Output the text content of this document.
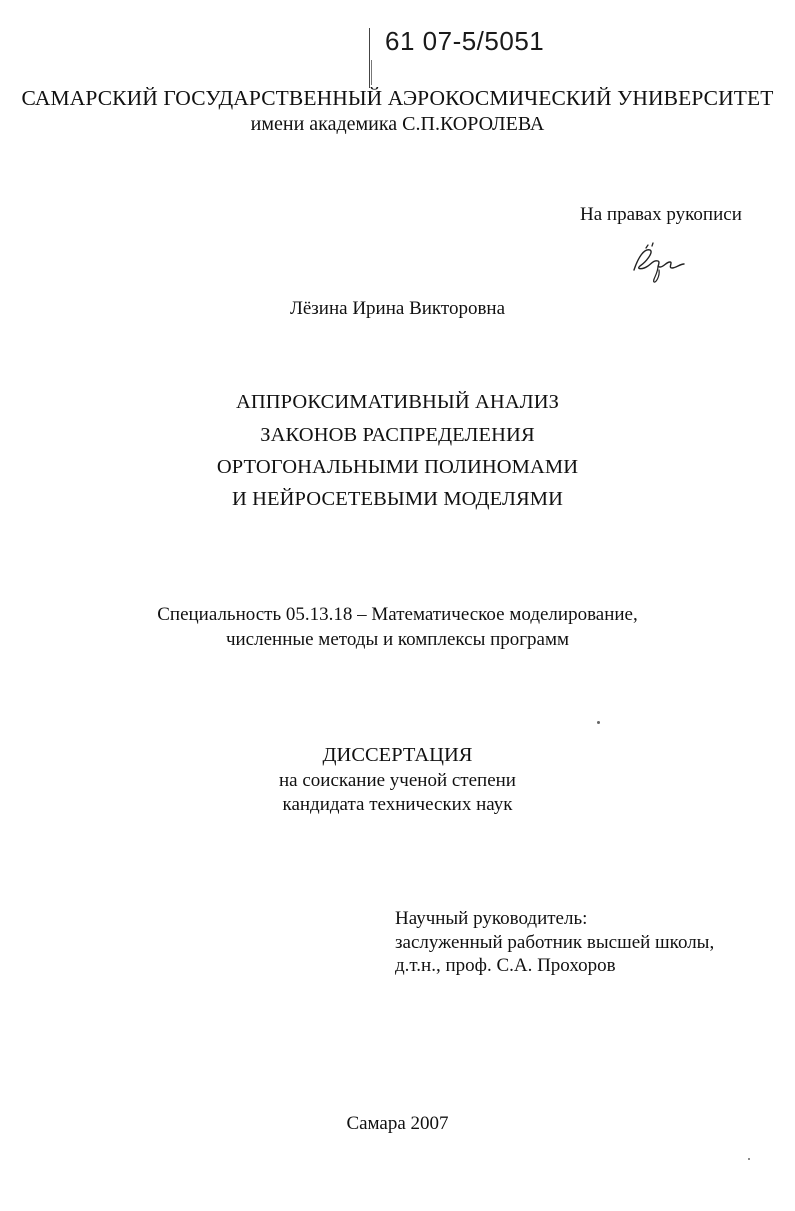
61 07-5/5051
САМАРСКИЙ ГОСУДАРСТВЕННЫЙ АЭРОКОСМИЧЕСКИЙ УНИВЕРСИТЕТ
имени академика С.П.КОРОЛЕВА
На правах рукописи
Лёзина Ирина Викторовна
АППРОКСИМАТИВНЫЙ АНАЛИЗ
ЗАКОНОВ РАСПРЕДЕЛЕНИЯ
ОРТОГОНАЛЬНЫМИ ПОЛИНОМАМИ
И НЕЙРОСЕТЕВЫМИ МОДЕЛЯМИ
Специальность 05.13.18 – Математическое моделирование,
численные методы и комплексы программ
ДИССЕРТАЦИЯ
на соискание ученой степени
кандидата технических наук
Научный руководитель:
заслуженный работник высшей школы,
д.т.н., проф. С.А. Прохоров
Самара 2007
